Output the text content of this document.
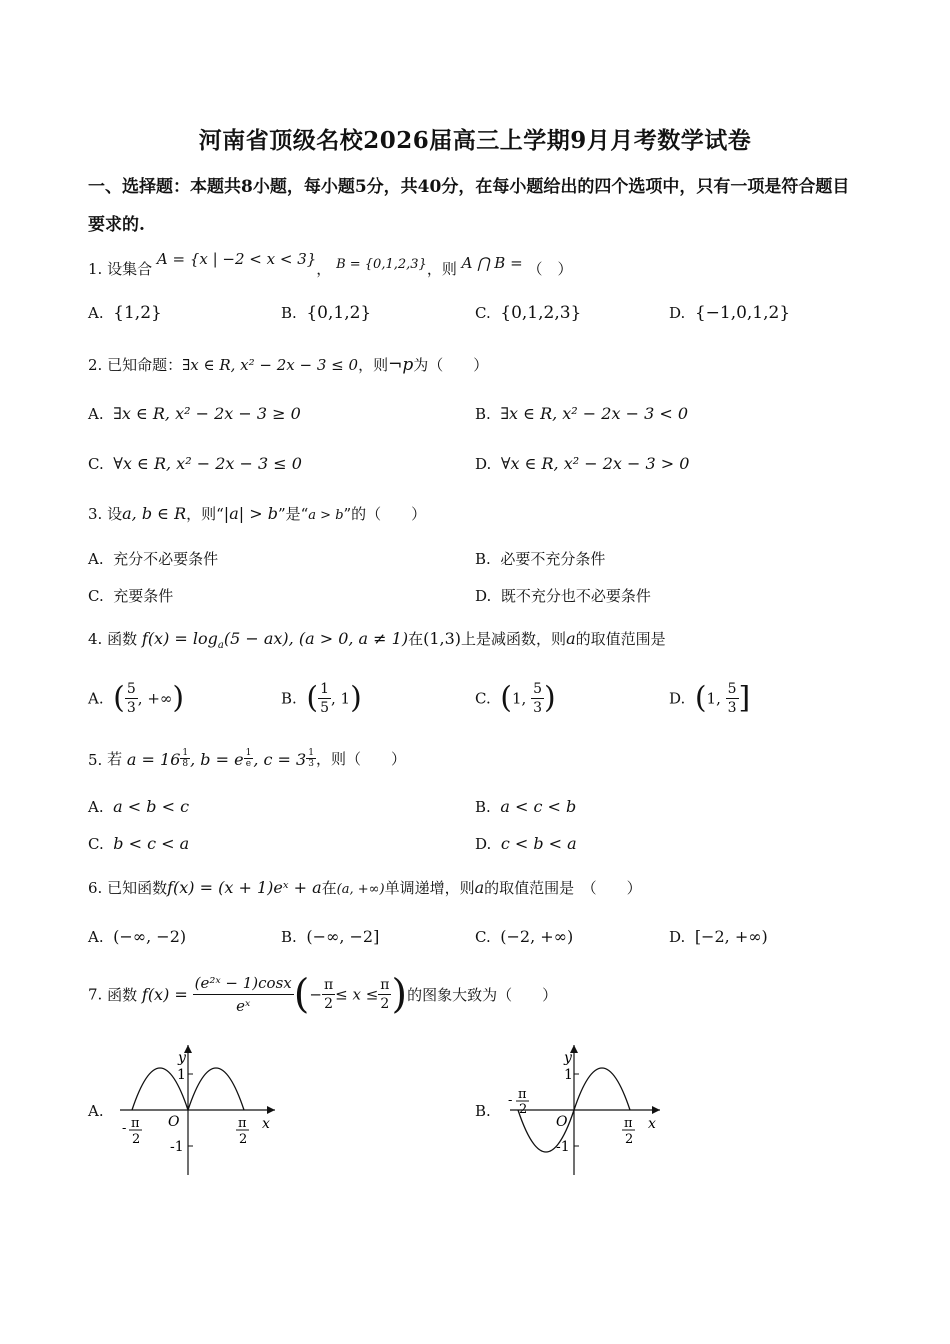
河南省顶级名校2026届高三上学期9月月考数学试卷
一、选择题：本题共8小题，每小题5分，共40分，在每小题给出的四个选项中，只有一项是符合题目要求的.
1. 设集合 A = {x | −2 < x < 3}， B = {0,1,2,3}，则 A ⋂ B = （　）
A. {1,2}	B. {0,1,2}	C. {0,1,2,3}	D. {−1,0,1,2}
2. 已知命题：∃x ∈ R, x² − 2x − 3 ≤ 0，则¬p为（　　）
A. ∃x ∈ R, x² − 2x − 3 ≥ 0	B. ∃x ∈ R, x² − 2x − 3 < 0
C. ∀x ∈ R, x² − 2x − 3 ≤ 0	D. ∀x ∈ R, x² − 2x − 3 > 0
3. 设a, b ∈ R，则“|a| > b”是“a > b”的（　　）
A. 充分不必要条件	B. 必要不充分条件
C. 充要条件	D. 既不充分也不必要条件
4. 函数 $f(x) = \log_a(5 - ax)$, (a > 0, a ≠ 1)在(1,3)上是减函数，则a的取值范围是
A. ( $\frac{5}{3}$ , +∞)	B. ( $\frac{1}{5}$ , 1)	C. (1, $\frac{5}{3}$ )	D. (1, $\frac{5}{3}$ ]
5. 若 $a = 16 \frac{1}{8}$ , b = e $\frac{1}{e}$ , $c = 3 \frac{1}{3}$ ，则（　　）
A. a < b < c	B. a < c < b
C. b < c < a	D. c < b < a
6. 已知函数f(x) = (x + 1)eˣ + a在(a, +∞)单调递增，则a的取值范围是　（　　）
A. (−∞, −2)	B. (−∞, −2]	C. (−2, +∞)	D. [−2, +∞)
7. 函数 $f(x) = \frac{\text{(e²ˣ − 1)cosx}}{\text{eˣ}}$ (− $\frac{\pi}{2} \le x \le \frac{\pi}{2}$ )的图象大致为（　　）
A.	B.
y
x
O
1
-1
- π
2
π
2
y
x
O
1
-1
- π
2
π
2
